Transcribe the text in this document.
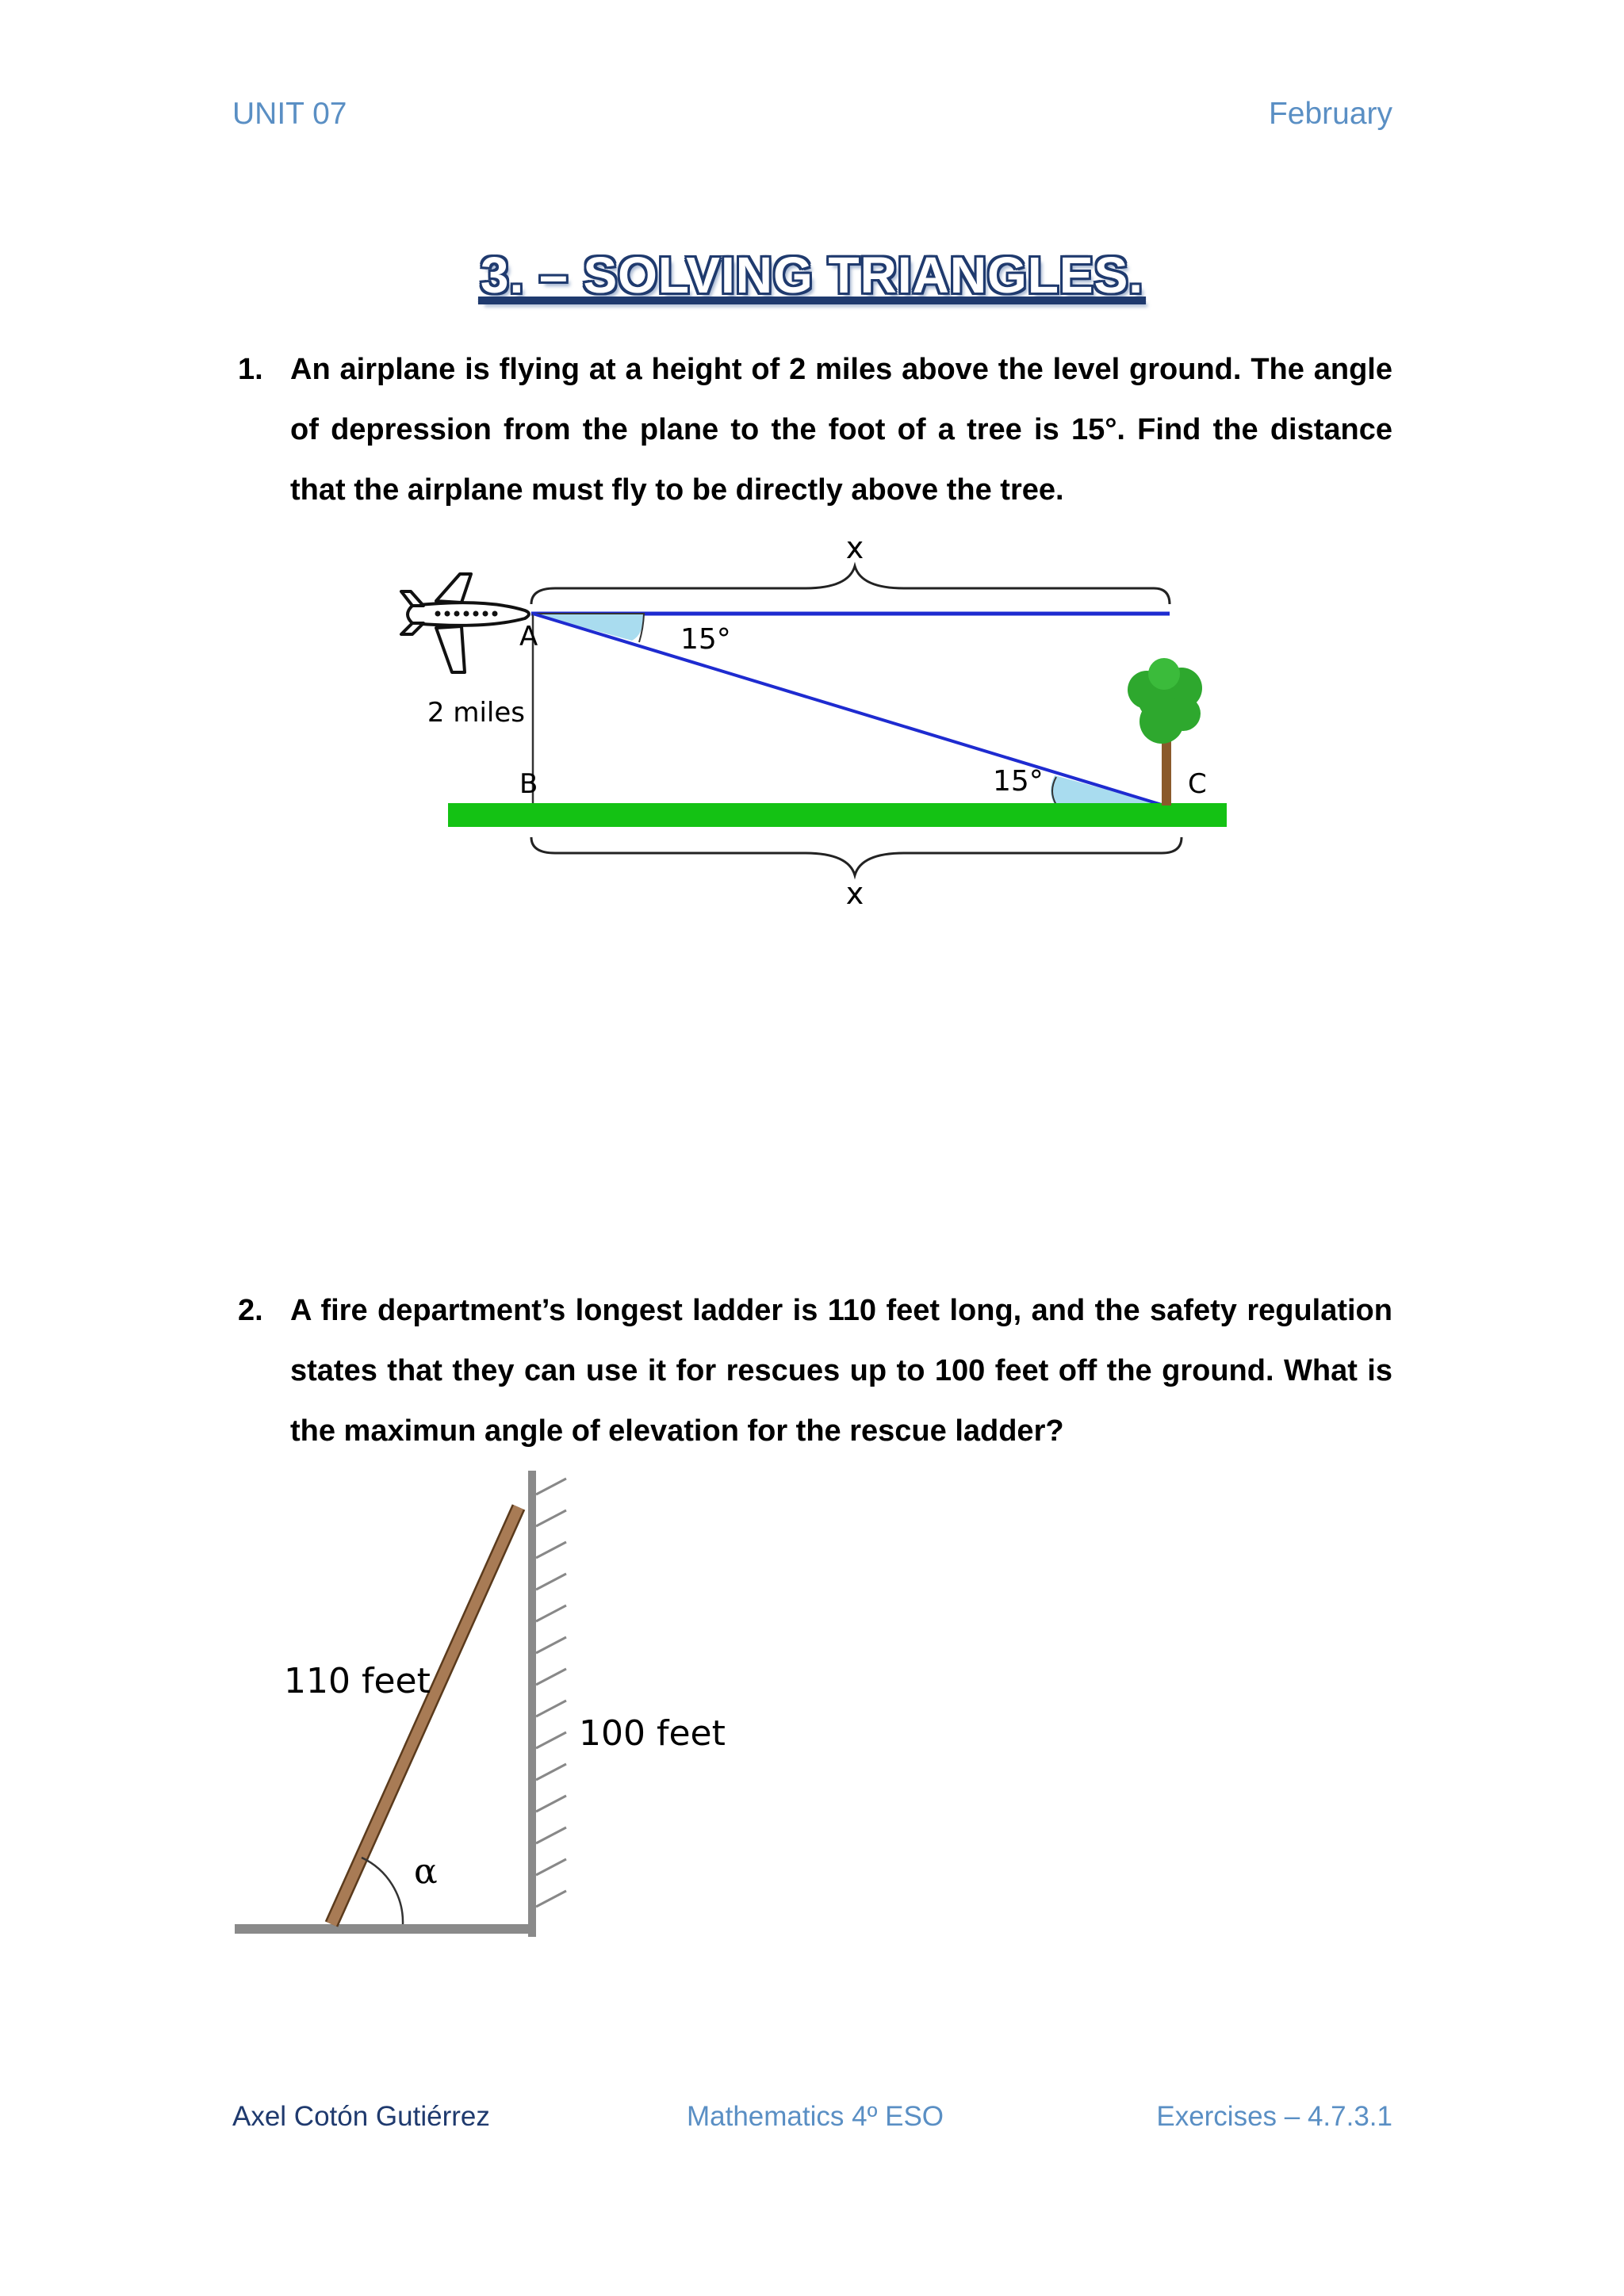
UNIT 07	February
3. – SOLVING TRIANGLES.
1. An airplane is flying at a height of 2 miles above the level ground. The angle of depression from the plane to the foot of a tree is 15°. Find the distance that the airplane must fly to be directly above the tree.
x
A
B	C
2 miles
15°
15°
x
2. A fire department’s longest ladder is 110 feet long, and the safety regulation states that they can use it for rescues up to 100 feet off the ground. What is the maximun angle of elevation for the rescue ladder?
110 feet
100 feet
α
Axel Cotón Gutiérrez	Mathematics 4º ESO	Exercises – 4.7.3.1
